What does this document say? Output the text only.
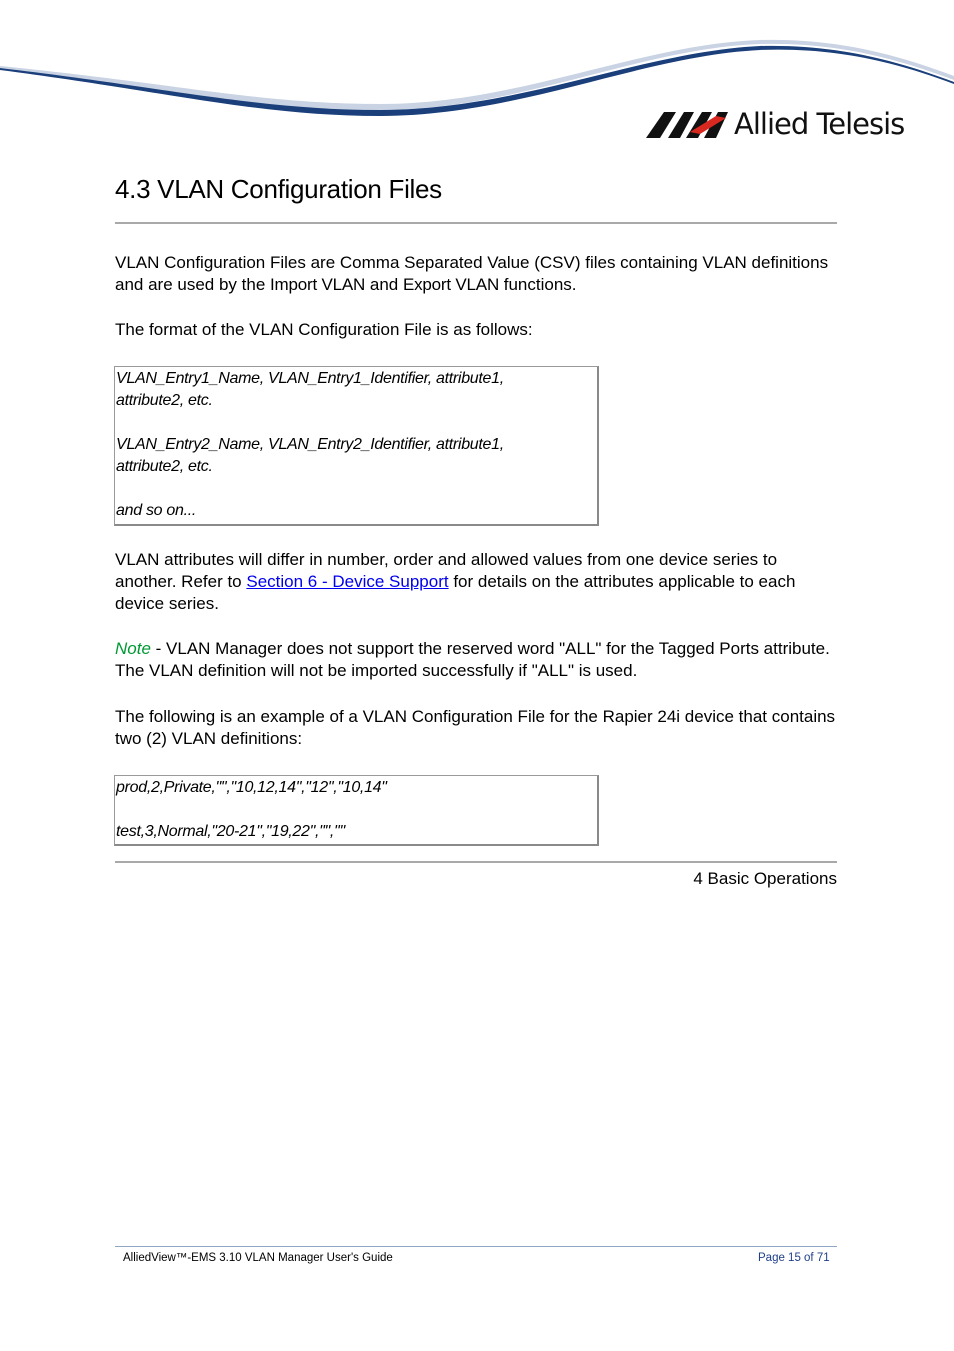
Allied Telesis
4.3 VLAN Configuration Files

VLAN Configuration Files are Comma Separated Value (CSV) files containing VLAN definitions and are used by the Import VLAN and Export VLAN functions.

The format of the VLAN Configuration File is as follows:

VLAN_Entry1_Name, VLAN_Entry1_Identifier, attribute1,
attribute2, etc.
VLAN_Entry2_Name, VLAN_Entry2_Identifier, attribute1,
attribute2, etc.
and so on...

VLAN attributes will differ in number, order and allowed values from one device series to another. Refer to Section 6 - Device Support for details on the attributes applicable to each device series.

Note - VLAN Manager does not support the reserved word "ALL" for the Tagged Ports attribute. The VLAN definition will not be imported successfully if "ALL" is used.

The following is an example of a VLAN Configuration File for the Rapier 24i device that contains two (2) VLAN definitions:

prod,2,Private,"","10,12,14","12","10,14"
test,3,Normal,"20-21","19,22","",""
4 Basic Operations
AlliedView™-EMS 3.10 VLAN Manager User's Guide	Page 15 of 71
